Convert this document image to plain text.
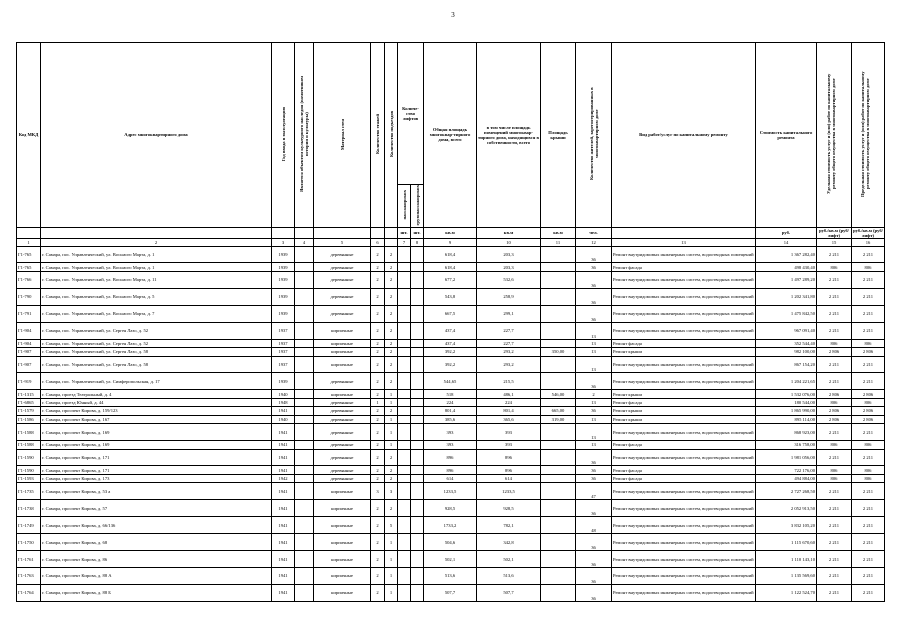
3
Код МКД	Адрес многоквартирного дома	Год ввода в эксплуатацию	Является объектом культурного наследия (памятником истории и культуры)	Материал стен	Количество этажей	Количество подъездов	Количе-ство лифтов		Общая площадь многоквар-тирного дома, всего	в том числе площадь помещений многоквар-тирного дома, находящихся в собственности, всего	Площадь крыши	Количество жителей, зарегистрированных в многоквартирном доме	Вид работ/услуг по капитальному ремонту	Стоимость капитального ремонта	Удельная стоимость услуг и (или) работ по капитальному ремонту общего имущества в многоквартирном доме	Предельная стоимость услуг и (или) работ по капитальному ремонту общего имущества в многоквартирном доме
							пассажирских	грузопассажирских								
							шт.	шт.	кв.м	кв.м	кв.м	чел.		руб.	руб./кв.м (руб/лифт)	руб./кв.м (руб/лифт)
1	2	3	4	5	6		7	8	9	10	11	12	13	14	15	16
Г1-765	г. Самара, пос. Управленческий, ул. Восьмого Марта, д. 1	1939		деревянные	2	2			618,4	203,3		36	Ремонт внутридомовых инженерных систем, водоотводных помещений	1 367 282,40	2 211	2 211
Г1-765	г. Самара, пос. Управленческий, ул. Восьмого Марта, д. 1	1939		деревянные	2	2			618,4	203,3		36	Ремонт фасада	498 430,40	806	806
Г1-766	г. Самара, пос. Управленческий, ул. Восьмого Марта, д. 11	1939		деревянные	2	2			677,2	532,6		36	Ремонт внутридомовых инженерных систем, водоотводных помещений	1 497 289,20	2 211	2 211
Г1-790	г. Самара, пос. Управленческий, ул. Восьмого Марта, д. 5	1939		деревянные	2	2			543,8	258,9		36	Ремонт внутридомовых инженерных систем, водоотводных помещений	1 202 341,80	2 211	2 211
Г1-791	г. Самара, пос. Управленческий, ул. Восьмого Марта, д. 7	1939		деревянные	2	2			667,5	299,1		36	Ремонт внутридомовых инженерных систем, водоотводных помещений	1 475 842,50	2 211	2 211
Г1-904	г. Самара, пос. Управленческий, ул. Сергея Лазо, д. 52	1937		кирпичные	2	2			437,4	227,7		13	Ремонт внутридомовых инженерных систем, водоотводных помещений	967 091,40	2 211	2 211
Г1-904	г. Самара, пос. Управленческий, ул. Сергея Лазо, д. 52	1937		кирпичные	2	2			437,4	227,7		13	Ремонт фасада	352 544,40	806	806
Г1-907	г. Самара, пос. Управленческий, ул. Сергея Лазо, д. 58	1937		кирпичные	2	2			392,2	293,2	350,00	13	Ремонт крыши	982 100,00	2 806	2 806
Г1-907	г. Самара, пос. Управленческий, ул. Сергея Лазо, д. 58	1937		кирпичные	2	2			392,2	293,2		13	Ремонт внутридомовых инженерных систем, водоотводных помещений	867 154,20	2 211	2 211
Г1-919	г. Самара, пос. Управленческий, ул. Симферопольская, д. 17	1939		деревянные	2	2			544,65	215,5		36	Ремонт внутридомовых инженерных систем, водоотводных помещений	1 204 221,65	2 211	2 211
Г1-1315	г. Самара, проезд Театральный, д. 4	1940		кирпичные	2	1			518	486,1	546,00	2	Ремонт крыши	1 532 076,00	2 806	2 806
Г1-6865	г. Самара, проезд Юнный, д. 44	1948		деревянные	1	1			224	224		13	Ремонт фасада	180 544,00	806	806
Г1-1579	г. Самара, проспект Кирова, д. 159/123	1941		деревянные	2	2			801,4	801,4	665,00	36	Ремонт крыши	1 865 990,00	2 806	2 806
Г1-1586	г. Самара, проспект Кирова, д. 167	1940		деревянные	2	1			385,6	365,6	319,00	13	Ремонт крыши	895 114,00	2 806	2 806
Г1-1588	г. Самара, проспект Кирова, д. 169	1941		деревянные	2	1			393	393		13	Ремонт внутридомовых инженерных систем, водоотводных помещений	868 923,00	2 211	2 211
Г1-1588	г. Самара, проспект Кирова, д. 169	1941		деревянные	2	1			393	393		13	Ремонт фасада	316 758,00	806	806
Г1-1590	г. Самара, проспект Кирова, д. 171	1941		деревянные	2	2			896	896		36	Ремонт внутридомовых инженерных систем, водоотводных помещений	1 981 056,00	2 211	2 211
Г1-1590	г. Самара, проспект Кирова, д. 171	1941		деревянные	2	2			896	896		36	Ремонт фасада	722 176,00	806	806
Г1-1593	г. Самара, проспект Кирова, д. 173	1942		деревянные	2	2			614	614		36	Ремонт фасада	494 884,00	806	806
Г1-1735	г. Самара, проспект Кирова, д. 53 а	1941		кирпичные	3	3			1233,5	1233,5		47	Ремонт внутридомовых инженерных систем, водоотводных помещений	2 727 268,50	2 211	2 211
Г1-1738	г. Самара, проспект Кирова, д. 57	1941		кирпичные	2	2			928,5	928,5		36	Ремонт внутридомовых инженерных систем, водоотводных помещений	2 052 913,50	2 211	2 211
Г1-1749	г. Самара, проспект Кирова, д. 66/136	1941		кирпичные	2	5			1733,2	782,1		48	Ремонт внутридомовых инженерных систем, водоотводных помещений	3 832 105,20	2 211	2 211
Г1-1750	г. Самара, проспект Кирова, д. 68	1941		кирпичные	2	1			504,6	342,8		36	Ремонт внутридомовых инженерных систем, водоотводных помещений	1 115 670,60	2 211	2 211
Г1-1761	г. Самара, проспект Кирова, д. 86	1941		кирпичные	2	1			502,1	502,1		36	Ремонт внутридомовых инженерных систем, водоотводных помещений	1 110 143,10	2 211	2 211
Г1-1763	г. Самара, проспект Кирова, д. 88 А	1941		кирпичные	2	1			513,6	513,6		36	Ремонт внутридомовых инженерных систем, водоотводных помещений	1 135 569,60	2 211	2 211
Г1-1764	г. Самара, проспект Кирова, д. 88 Б	1941		кирпичные	2	1			507,7	507,7		36	Ремонт внутридомовых инженерных систем, водоотводных помещений	1 122 524,70	2 211	2 211
